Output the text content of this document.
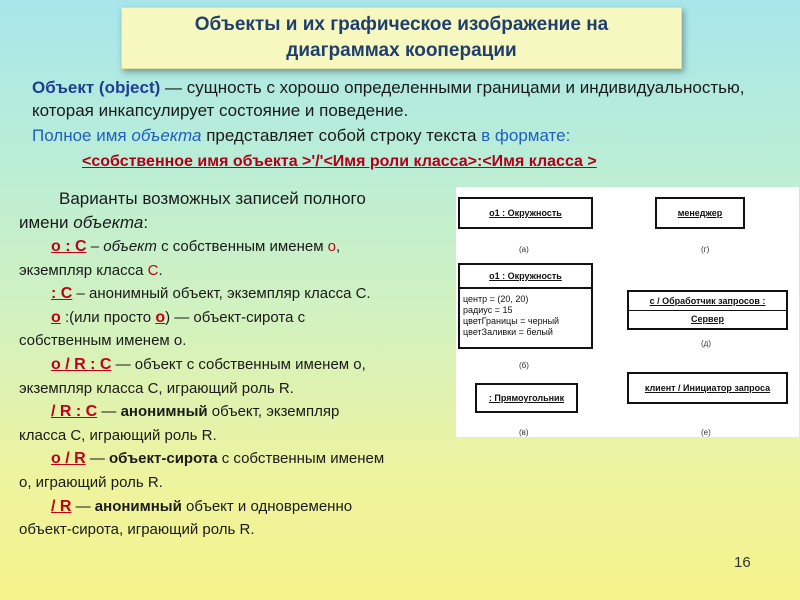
Объекты и их графическое изображение на диаграммах кооперации
Объект (object) — сущность с хорошо определенными границами и индивидуальностью, которая инкапсулирует состояние и поведение.
Полное имя объекта представляет собой строку текста в формате:
<собственное имя объекта >'/'<Имя роли класса>:<Имя класса >
Варианты возможных записей полного
имени объекта:
о : С – объект с собственным именем о,
экземпляр класса С.
: С – анонимный объект, экземпляр класса С.
о :(или просто о) — объект-сирота с
собственным именем о.
о / R : С — объект с собственным именем о,
экземпляр класса С, играющий роль R.
/ R : С — анонимный объект, экземпляр
класса С, играющий роль R.
о / R — объект-сирота с собственным именем
о, играющий роль R.
/ R — анонимный объект и одновременно
объект-сирота, играющий роль R.
о1 : Окружность
(а)
менеджер
(г)
о1 : Окружность
центр = (20, 20)
радиус = 15
цветГраницы = черный
цветЗаливки = белый
(б)
с / Обработчик запросов :
Сервер
(д)
: Прямоугольник
(в)
клиент / Инициатор запроса
(е)
16
